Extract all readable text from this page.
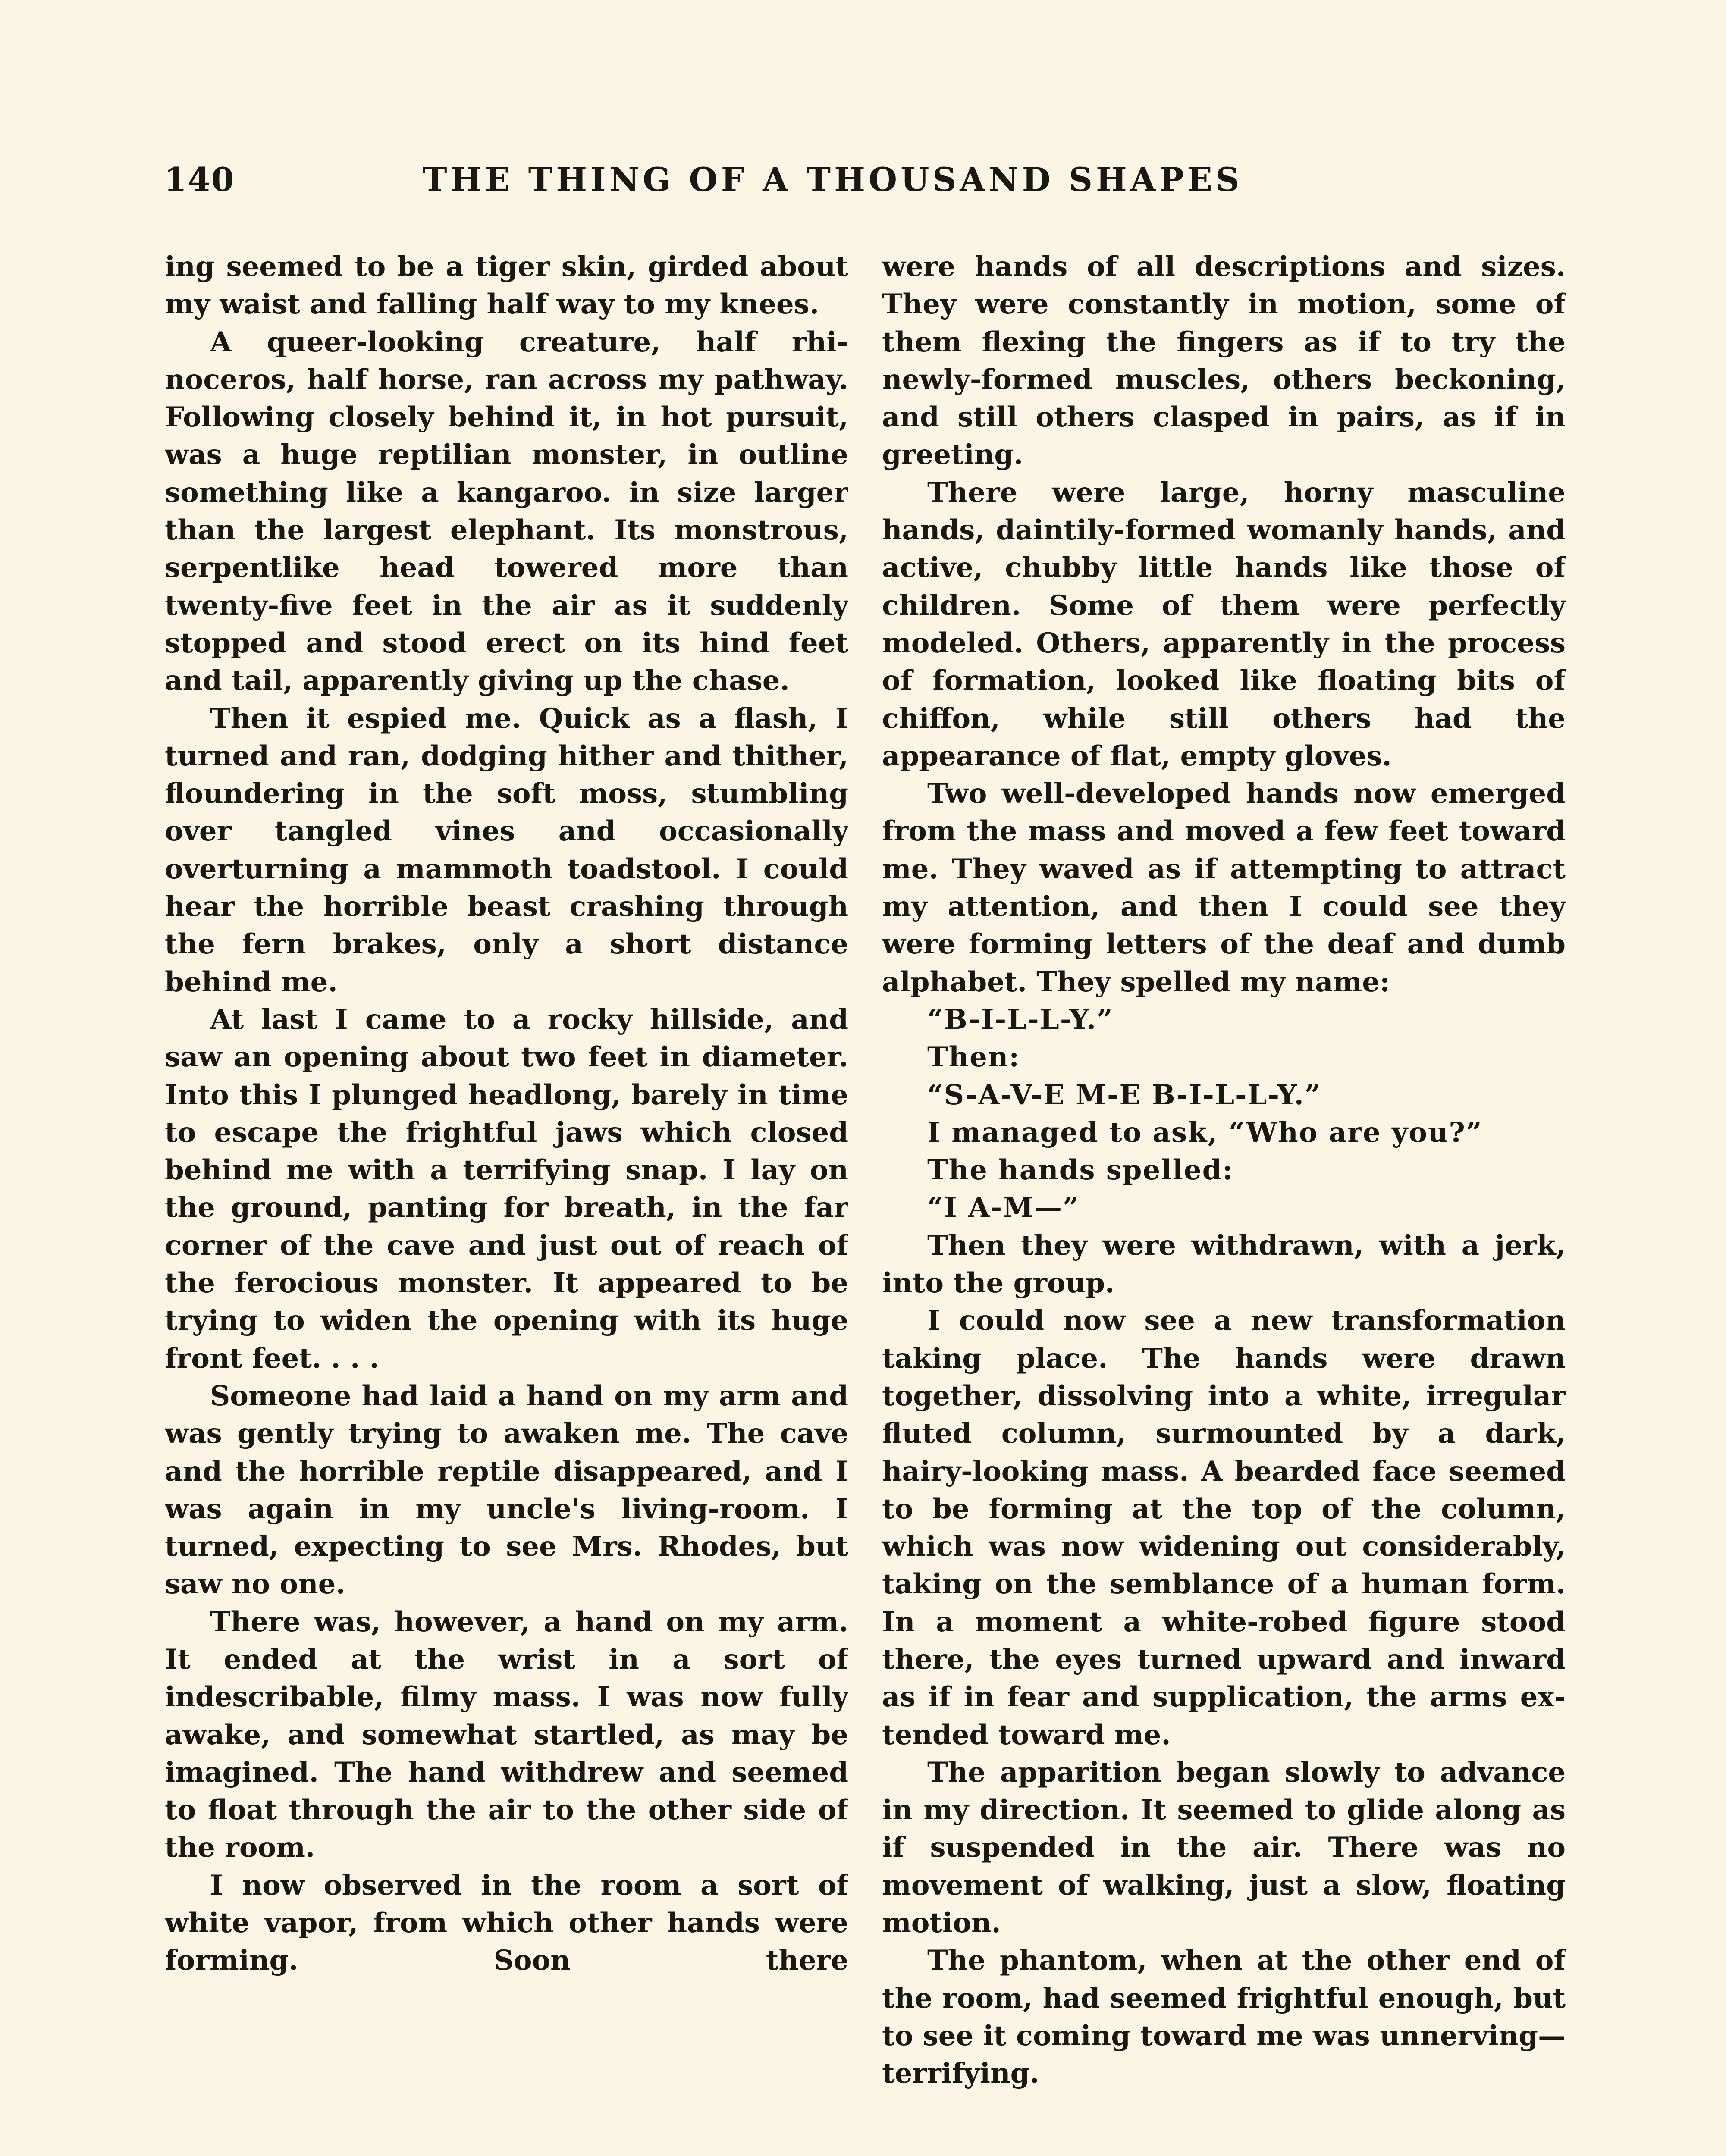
140	THE THING OF A THOUSAND SHAPES

ing seemed to be a tiger skin, girded about my waist and falling half way to my knees.

A queer-looking creature, half rhinoceros, half horse, ran across my pathway. Following closely behind it, in hot pursuit, was a huge reptilian monster, in outline something like a kangaroo. in size larger than the largest elephant. Its monstrous, serpentlike head towered more than twenty-five feet in the air as it suddenly stopped and stood erect on its hind feet and tail, apparently giving up the chase.

Then it espied me. Quick as a flash, I turned and ran, dodging hither and thither, floundering in the soft moss, stumbling over tangled vines and occasionally overturning a mammoth toadstool. I could hear the horrible beast crashing through the fern brakes, only a short distance behind me.

At last I came to a rocky hillside, and saw an opening about two feet in diameter. Into this I plunged headlong, barely in time to escape the frightful jaws which closed behind me with a terrifying snap. I lay on the ground, panting for breath, in the far corner of the cave and just out of reach of the ferocious monster. It appeared to be trying to widen the opening with its huge front feet. . . .

Someone had laid a hand on my arm and was gently trying to awaken me. The cave and the horrible reptile disappeared, and I was again in my uncle's living-room. I turned, expecting to see Mrs. Rhodes, but saw no one.

There was, however, a hand on my arm. It ended at the wrist in a sort of indescribable, filmy mass. I was now fully awake, and somewhat startled, as may be imagined. The hand withdrew and seemed to float through the air to the other side of the room.

I now observed in the room a sort of white vapor, from which other hands were forming. Soon there

were hands of all descriptions and sizes. They were constantly in motion, some of them flexing the fingers as if to try the newly-formed muscles, others beckoning, and still others clasped in pairs, as if in greeting.

There were large, horny masculine hands, daintily-formed womanly hands, and active, chubby little hands like those of children. Some of them were perfectly modeled. Others, apparently in the process of formation, looked like floating bits of chiffon, while still others had the appearance of flat, empty gloves.

Two well-developed hands now emerged from the mass and moved a few feet toward me. They waved as if attempting to attract my attention, and then I could see they were forming letters of the deaf and dumb alphabet. They spelled my name:

“B-I-L-L-Y.”

Then:

“S-A-V-E M-E B-I-L-L-Y.”

I managed to ask, “Who are you?”

The hands spelled:

“I A-M—”

Then they were withdrawn, with a jerk, into the group.

I could now see a new transformation taking place. The hands were drawn together, dissolving into a white, irregular fluted column, surmounted by a dark, hairy-looking mass. A bearded face seemed to be forming at the top of the column, which was now widening out considerably, taking on the semblance of a human form. In a moment a white-robed figure stood there, the eyes turned upward and inward as if in fear and supplication, the arms extended toward me.

The apparition began slowly to advance in my direction. It seemed to glide along as if suspended in the air. There was no movement of walking, just a slow, floating motion.

The phantom, when at the other end of the room, had seemed frightful enough, but to see it coming toward me was unnerving—terrifying.
